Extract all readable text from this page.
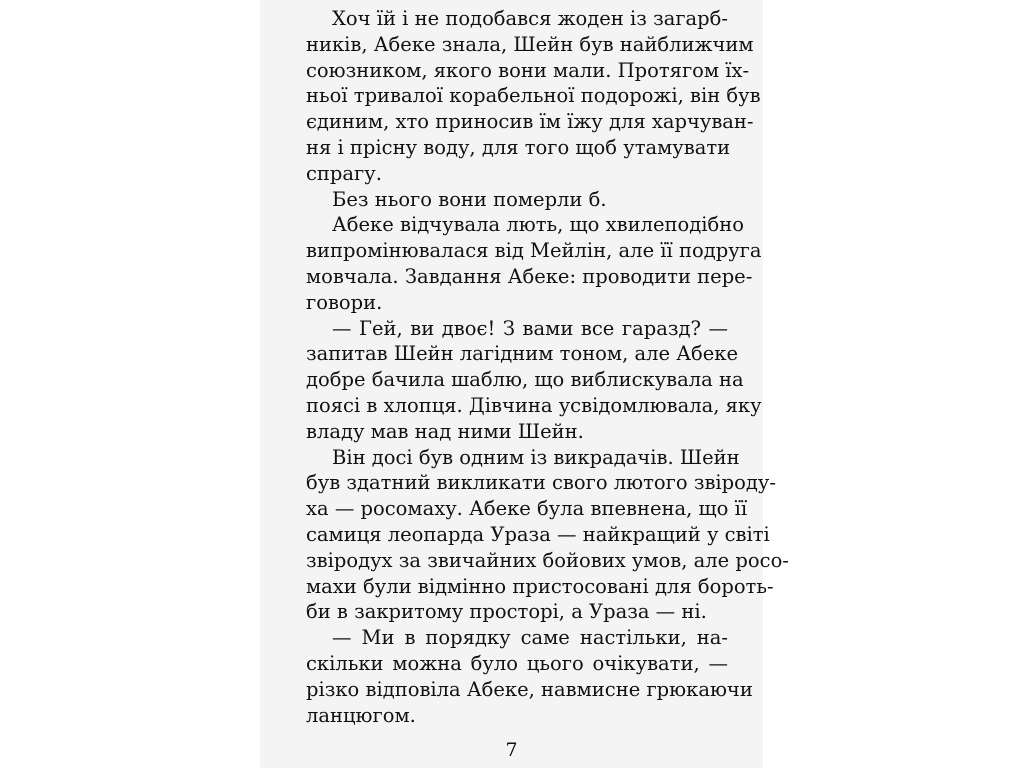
Хоч їй і не подобався жоден із загарб-
ників, Абеке знала, Шейн був найближчим
союзником, якого вони мали. Протягом їх-
ньої тривалої корабельної подорожі, він був
єдиним, хто приносив їм їжу для харчуван-
ня і прісну воду, для того щоб утамувати
спрагу.
Без нього вони померли б.
Абеке відчувала лють, що хвилеподібно
випромінювалася від Мейлін, але її подруга
мовчала. Завдання Абеке: проводити пере-
говори.
— Гей, ви двоє! З вами все гаразд? —
запитав Шейн лагідним тоном, але Абеке
добре бачила шаблю, що виблискувала на
поясі в хлопця. Дівчина усвідомлювала, яку
владу мав над ними Шейн.
Він досі був одним із викрадачів. Шейн
був здатний викликати свого лютого звіроду-
ха — росомаху. Абеке була впевнена, що її
самиця леопарда Ураза — найкращий у світі
звіродух за звичайних бойових умов, але росо-
махи були відмінно пристосовані для бороть-
би в закритому просторі, а Ураза — ні.
— Ми в порядку саме настільки, на-
скільки можна було цього очікувати, —
різко відповіла Абеке, навмисне грюкаючи
ланцюгом.
7
